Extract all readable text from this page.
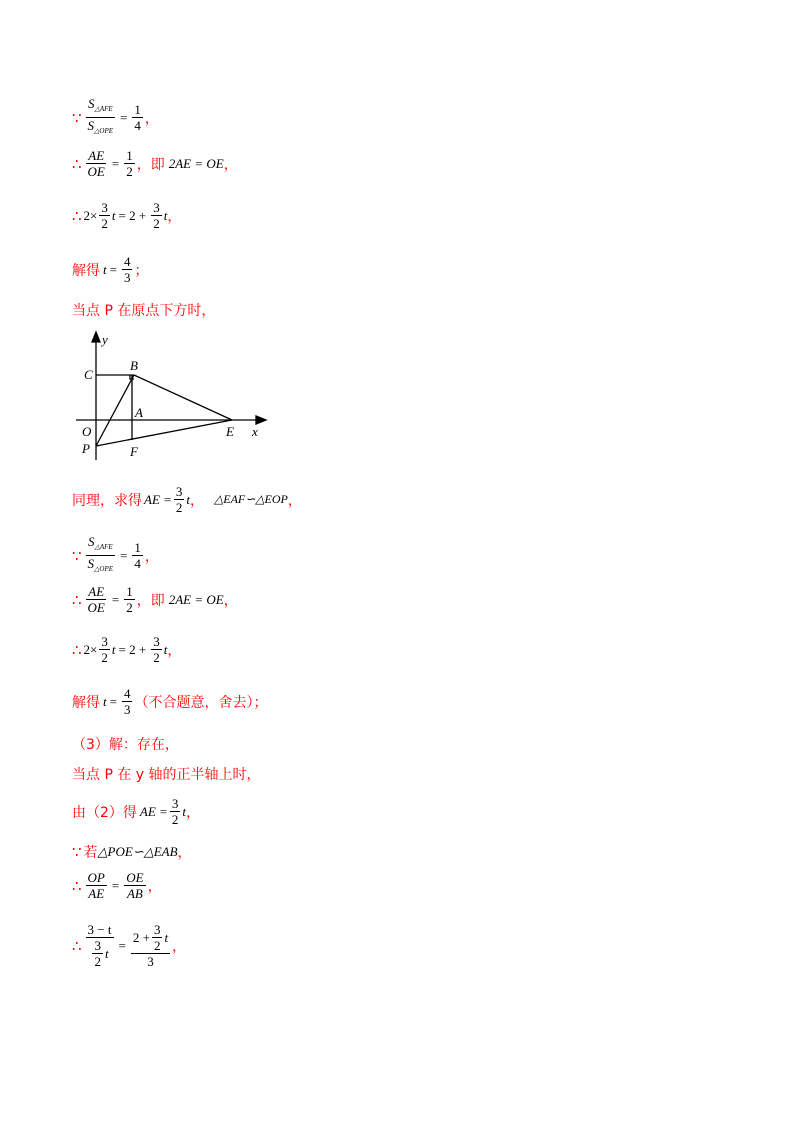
∵ $\frac{S_{\triangle AFE}}{S_{\triangle OPE}} = \frac{1}{4}$ ，
∴ $\frac{AE}{OE} = \frac{1}{2}$ ，即 2AE = OE ，
∴ $2\times \frac{3}{2}$ $t = 2 + \frac{3}{2}$ t ，
解得 $t = \frac{4}{3}$ ；
当点 P 在原点下方时，
y
C
B
A
O
P	F
E x
同理，求得 AE = $\frac{3}{2}$ t ， △EAF∽△EOP ，
∵ $\frac{S_{\triangle AFE}}{S_{\triangle OPE}} = \frac{1}{4}$ ，
∴ $\frac{AE}{OE} = \frac{1}{2}$ ，即 2AE = OE ，
∴ $2\times \frac{3}{2}$ $t = 2 + \frac{3}{2}$ t ，
解得 $t = \frac{4}{3}$ （不合题意，舍去）；
（3）解：存在，
当点 P 在 y 轴的正半轴上时，
由（2）得 AE = $\frac{3}{2}$ t ，
∵ 若 △POE∽△EAB ，
∴ $\frac{OP}{AE} = \frac{OE}{AB}$ ，
∴ $\frac{3 - t}{\frac{3}{2} t} = \frac{2 + \frac{3}{2} t}{3}$ ，
